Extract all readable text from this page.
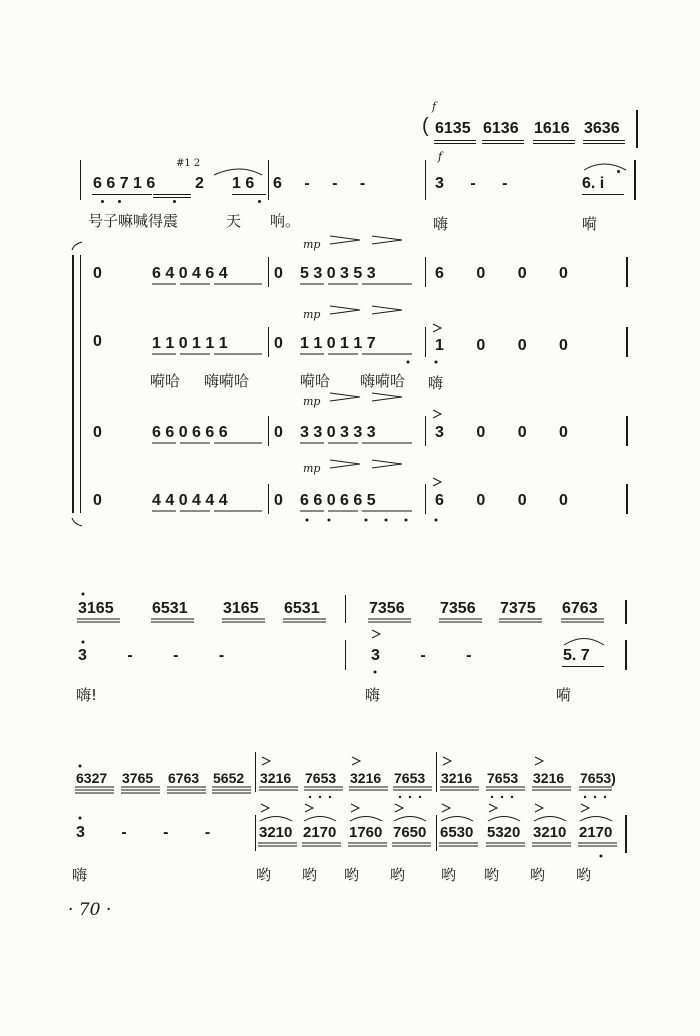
f
( 6135 6136 1616 3636
f
6 6 7 1 6
#1 2
2 1 6 6 - - -	3 - -	6. i
号子嘛喊得震	天 响。	嗨	嗬
mp
0	6 4 0 4 6 4	0 5 3 0 3 5 3	6 0 0 0
mp
0	1 1 0 1 1 1	0 1 1 0 1 1 7	1 0 0 0
嗬哈 嗨嗬哈	嗬哈 嗨嗬哈 嗨
mp
0	6 6 0 6 6 6	0 3 3 0 3 3 3	3 0 0 0
mp
0	4 4 0 4 4 4	0 6 6 0 6 6 5	6 0 0 0
3165 6531 3165 6531	7356 7356 7375 6763
3 - - -	3 - -	5. 7
嗨!	嗨	嗬
6327 3765 6763 5652 3216 7653 3216 7653 3216 7653 3216 7653)
3 - - -	3210 2170 1760 7650 6530 5320 3210 2170
嗨	哟 哟 哟 哟 哟 哟 哟 哟
· 70 ·
